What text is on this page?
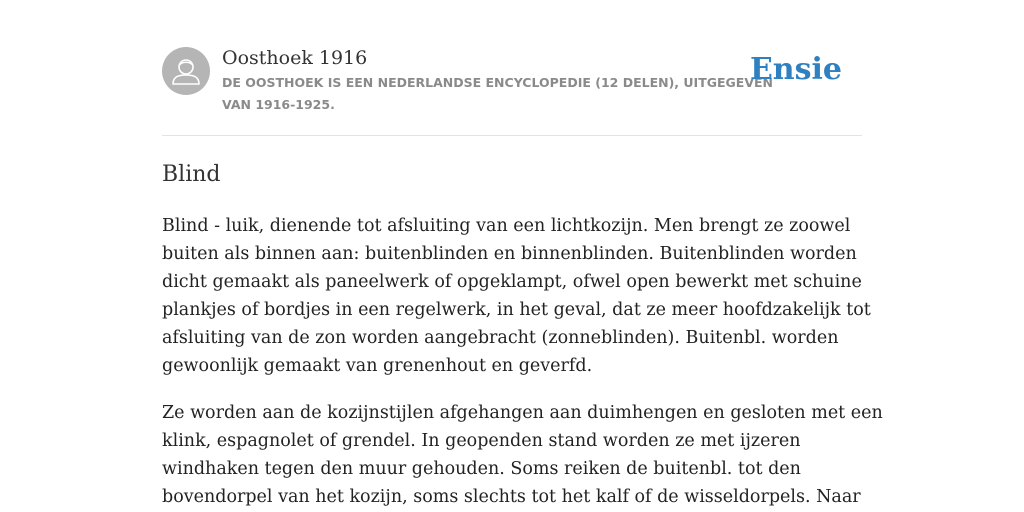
Oosthoek 1916
DE OOSTHOEK IS EEN NEDERLANDSE ENCYCLOPEDIE (12 DELEN), UITGEGEVEN
VAN 1916-1925.
Ensie
Blind

Blind - luik, dienende tot afsluiting van een lichtkozijn. Men brengt ze zoowel
buiten als binnen aan: buitenblinden en binnenblinden. Buitenblinden worden
dicht gemaakt als paneelwerk of opgeklampt, ofwel open bewerkt met schuine
plankjes of bordjes in een regelwerk, in het geval, dat ze meer hoofdzakelijk tot
afsluiting van de zon worden aangebracht (zonneblinden). Buitenbl. worden
gewoonlijk gemaakt van grenenhout en geverfd.

Ze worden aan de kozijnstijlen afgehangen aan duimhengen en gesloten met een
klink, espagnolet of grendel. In geopenden stand worden ze met ijzeren
windhaken tegen den muur gehouden. Soms reiken de buitenbl. tot den
bovendorpel van het kozijn, soms slechts tot het kalf of de wisseldorpels. Naar
